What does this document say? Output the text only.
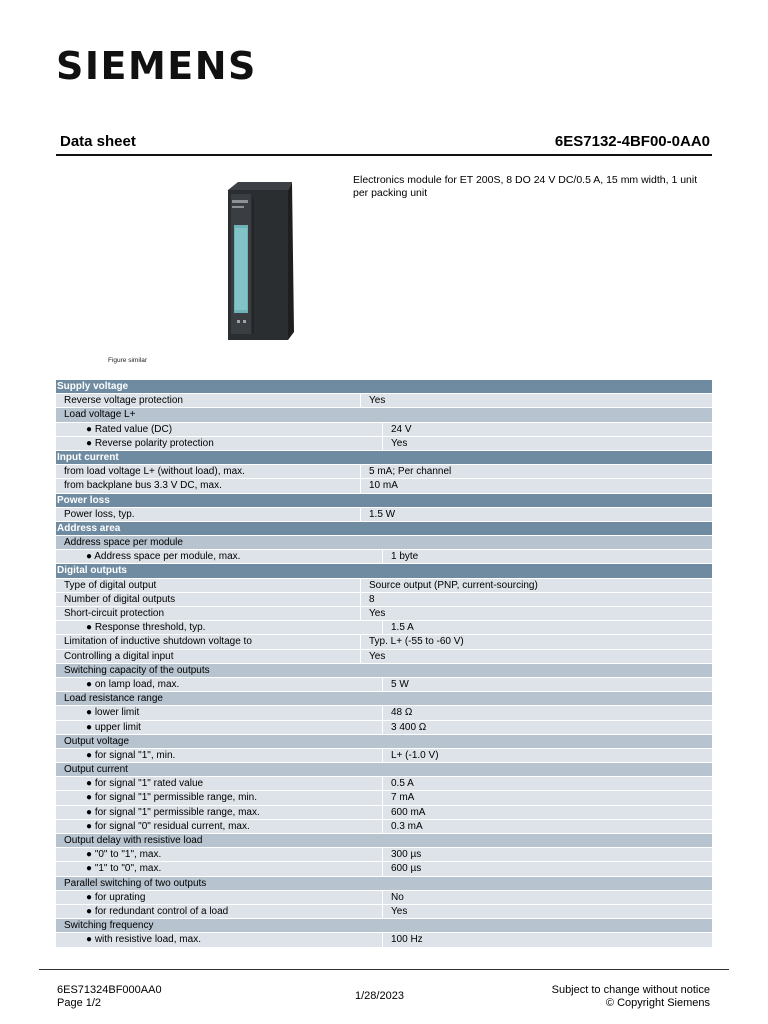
SIEMENS
Data sheet	6ES7132-4BF00-0AA0
Figure similar
Electronics module for ET 200S, 8 DO 24 V DC/0.5 A, 15 mm width, 1 unit per packing unit
Supply voltage
Reverse voltage protection	Yes
Load voltage L+
● Rated value (DC)	24 V
● Reverse polarity protection	Yes
Input current
from load voltage L+ (without load), max.	5 mA; Per channel
from backplane bus 3.3 V DC, max.	10 mA
Power loss
Power loss, typ.	1.5 W
Address area
Address space per module
● Address space per module, max.	1 byte
Digital outputs
Type of digital output	Source output (PNP, current-sourcing)
Number of digital outputs	8
Short-circuit protection	Yes
● Response threshold, typ.	1.5 A
Limitation of inductive shutdown voltage to	Typ. L+ (-55 to -60 V)
Controlling a digital input	Yes
Switching capacity of the outputs
● on lamp load, max.	5 W
Load resistance range
● lower limit	48 Ω
● upper limit	3 400 Ω
Output voltage
● for signal "1", min.	L+ (-1.0 V)
Output current
● for signal "1" rated value	0.5 A
● for signal "1" permissible range, min.	7 mA
● for signal "1" permissible range, max.	600 mA
● for signal "0" residual current, max.	0.3 mA
Output delay with resistive load
● "0" to "1", max.	300 µs
● "1" to "0", max.	600 µs
Parallel switching of two outputs
● for uprating	No
● for redundant control of a load	Yes
Switching frequency
● with resistive load, max.	100 Hz
6ES71324BF000AA0
Page 1/2
1/28/2023	Subject to change without notice
© Copyright Siemens
